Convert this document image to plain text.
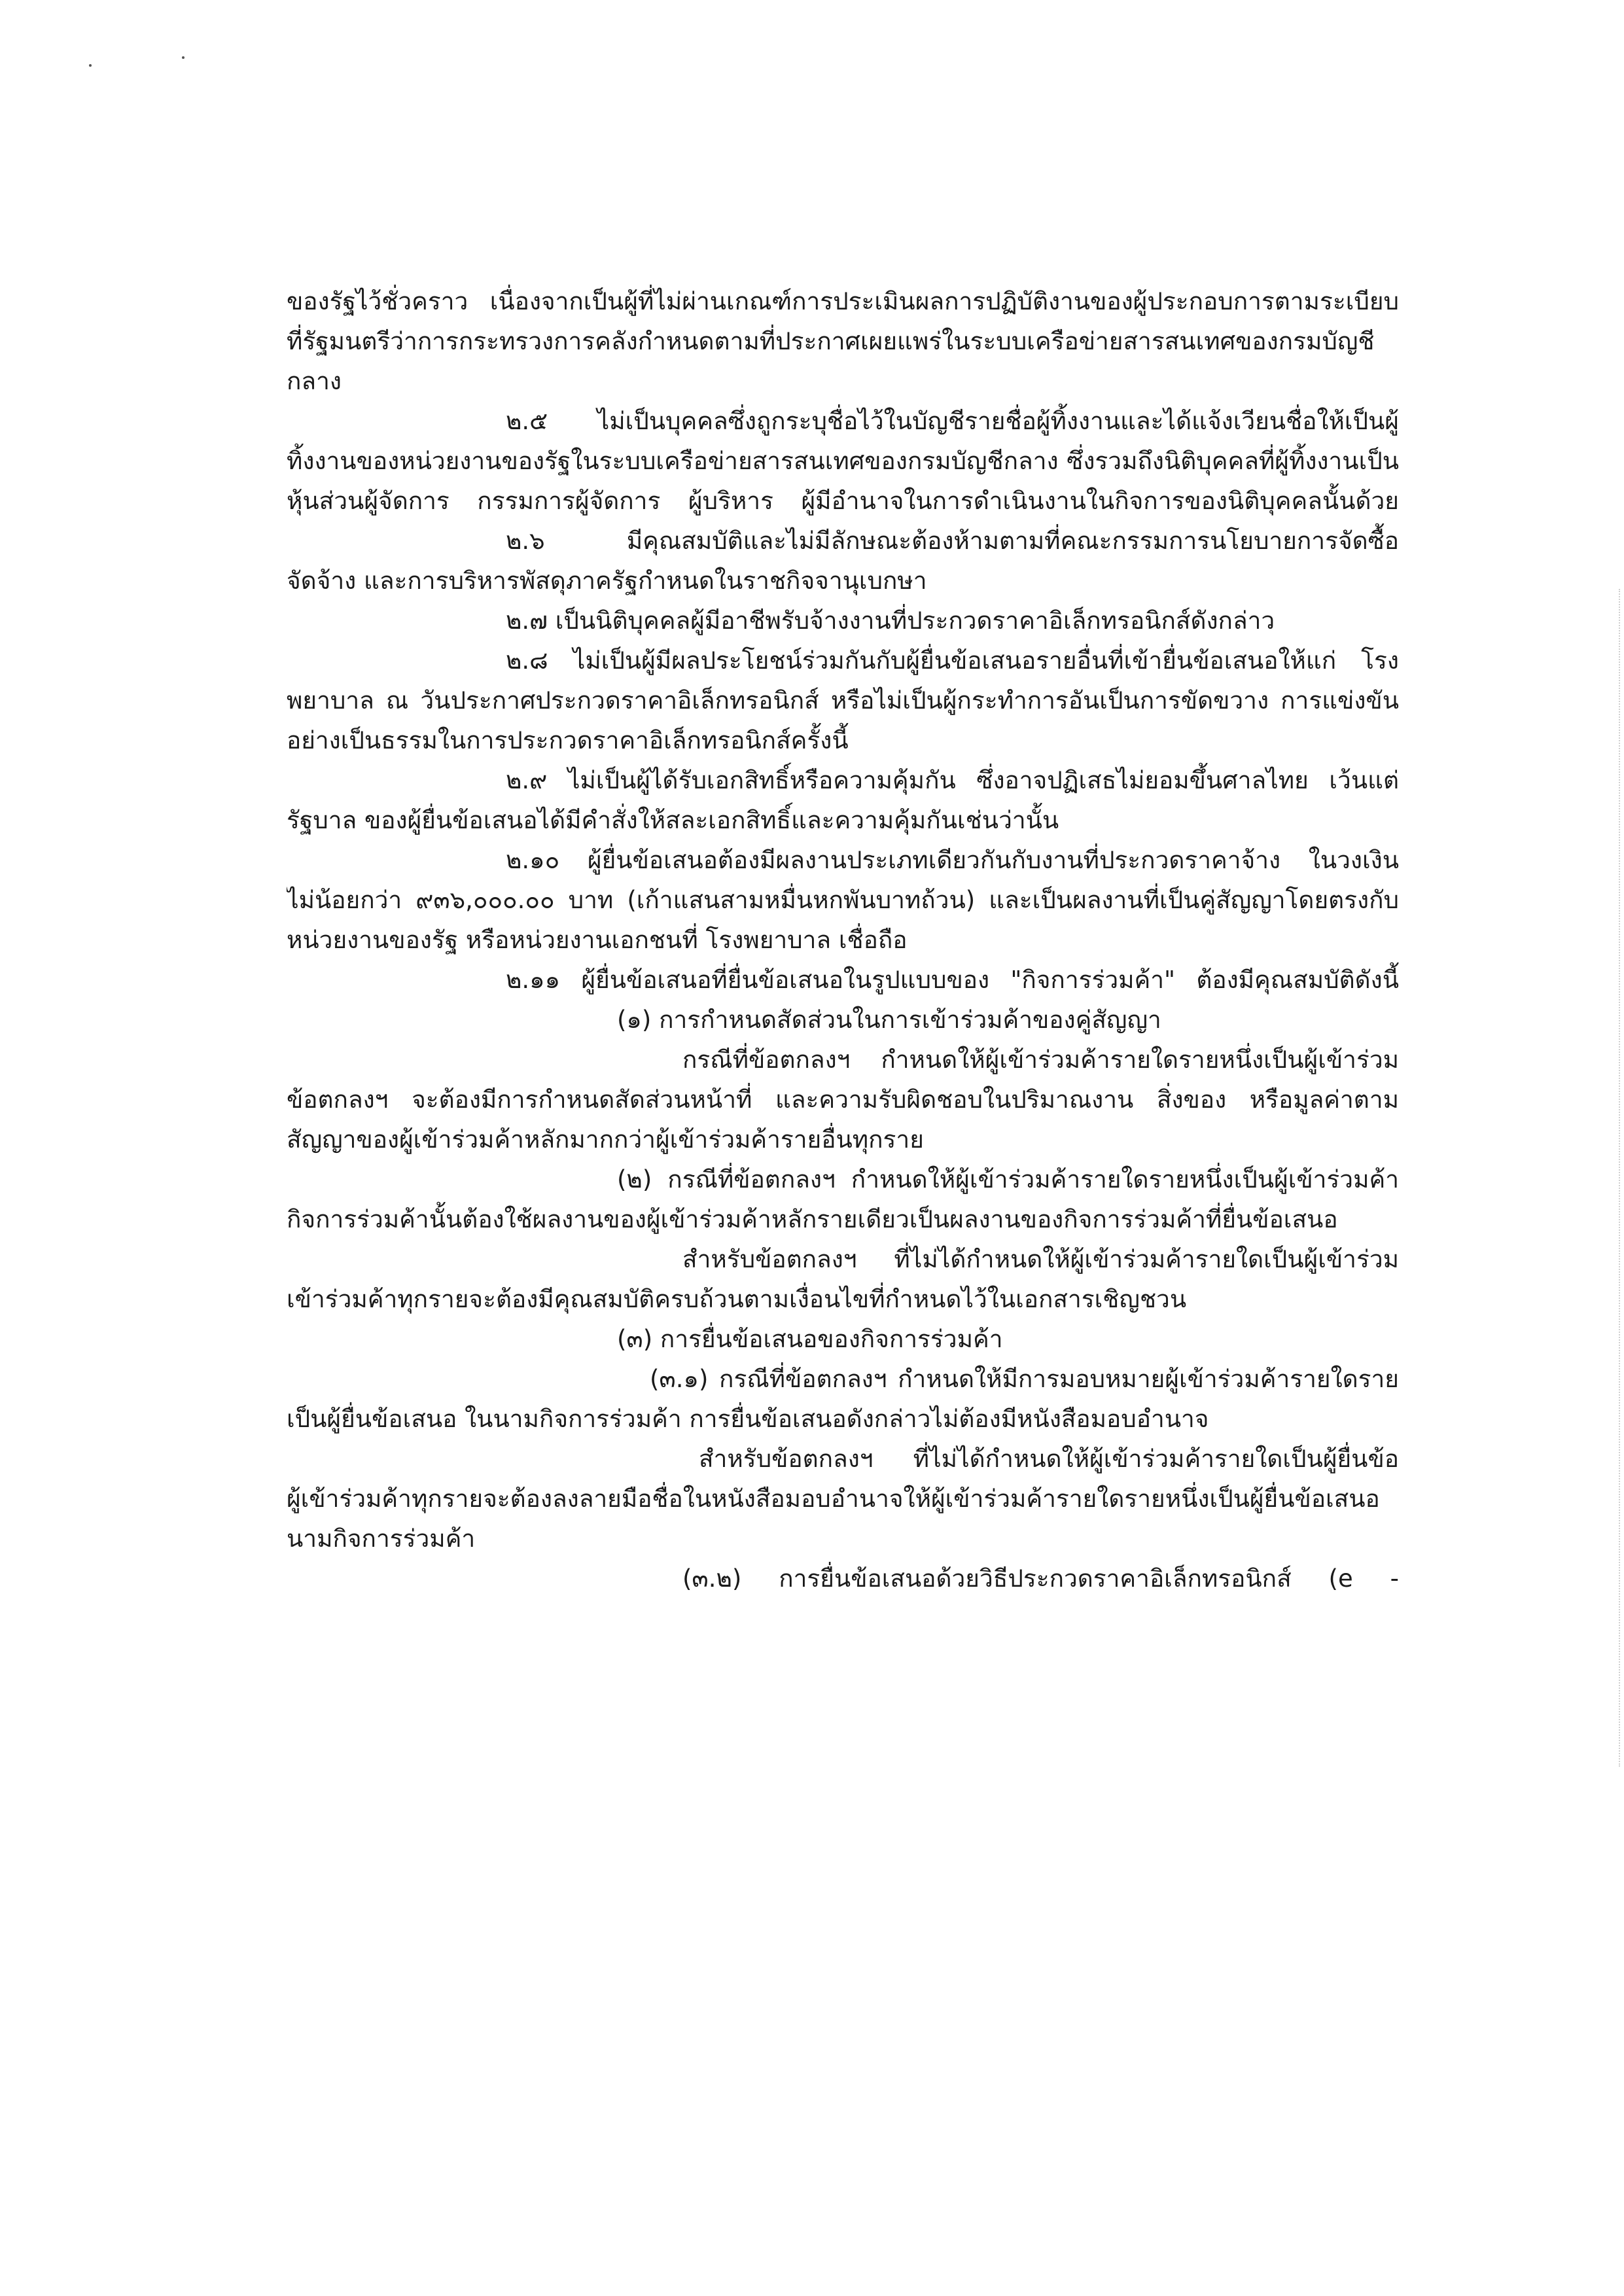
ของรัฐไว้ชั่วคราว เนื่องจากเป็นผู้ที่ไม่ผ่านเกณฑ์การประเมินผลการปฏิบัติงานของผู้ประกอบการตามระเบียบ
ที่รัฐมนตรีว่าการกระทรวงการคลังกำหนดตามที่ประกาศเผยแพร่ในระบบเครือข่ายสารสนเทศของกรมบัญชี
กลาง
๒.๕ ไม่เป็นบุคคลซึ่งถูกระบุชื่อไว้ในบัญชีรายชื่อผู้ทิ้งงานและได้แจ้งเวียนชื่อให้เป็นผู้
ทิ้งงานของหน่วยงานของรัฐในระบบเครือข่ายสารสนเทศของกรมบัญชีกลาง ซึ่งรวมถึงนิติบุคคลที่ผู้ทิ้งงานเป็น
หุ้นส่วนผู้จัดการ กรรมการผู้จัดการ ผู้บริหาร ผู้มีอำนาจในการดำเนินงานในกิจการของนิติบุคคลนั้นด้วย
๒.๖ มีคุณสมบัติและไม่มีลักษณะต้องห้ามตามที่คณะกรรมการนโยบายการจัดซื้อ
จัดจ้าง และการบริหารพัสดุภาครัฐกำหนดในราชกิจจานุเบกษา
๒.๗ เป็นนิติบุคคลผู้มีอาชีพรับจ้างงานที่ประกวดราคาอิเล็กทรอนิกส์ดังกล่าว
๒.๘ ไม่เป็นผู้มีผลประโยชน์ร่วมกันกับผู้ยื่นข้อเสนอรายอื่นที่เข้ายื่นข้อเสนอให้แก่ โรง
พยาบาล ณ วันประกาศประกวดราคาอิเล็กทรอนิกส์ หรือไม่เป็นผู้กระทำการอันเป็นการขัดขวาง การแข่งขัน
อย่างเป็นธรรมในการประกวดราคาอิเล็กทรอนิกส์ครั้งนี้
๒.๙ ไม่เป็นผู้ได้รับเอกสิทธิ์หรือความคุ้มกัน ซึ่งอาจปฏิเสธไม่ยอมขึ้นศาลไทย เว้นแต่
รัฐบาล ของผู้ยื่นข้อเสนอได้มีคำสั่งให้สละเอกสิทธิ์และความคุ้มกันเช่นว่านั้น
๒.๑๐ ผู้ยื่นข้อเสนอต้องมีผลงานประเภทเดียวกันกับงานที่ประกวดราคาจ้าง ในวงเงิน
ไม่น้อยกว่า ๙๓๖,๐๐๐.๐๐ บาท (เก้าแสนสามหมื่นหกพันบาทถ้วน) และเป็นผลงานที่เป็นคู่สัญญาโดยตรงกับ
หน่วยงานของรัฐ หรือหน่วยงานเอกชนที่ โรงพยาบาล เชื่อถือ
๒.๑๑ ผู้ยื่นข้อเสนอที่ยื่นข้อเสนอในรูปแบบของ "กิจการร่วมค้า" ต้องมีคุณสมบัติดังนี้
(๑) การกำหนดสัดส่วนในการเข้าร่วมค้าของคู่สัญญา
กรณีที่ข้อตกลงฯ กำหนดให้ผู้เข้าร่วมค้ารายใดรายหนึ่งเป็นผู้เข้าร่วม
ข้อตกลงฯ จะต้องมีการกำหนดสัดส่วนหน้าที่ และความรับผิดชอบในปริมาณงาน สิ่งของ หรือมูลค่าตาม
สัญญาของผู้เข้าร่วมค้าหลักมากกว่าผู้เข้าร่วมค้ารายอื่นทุกราย
(๒) กรณีที่ข้อตกลงฯ กำหนดให้ผู้เข้าร่วมค้ารายใดรายหนึ่งเป็นผู้เข้าร่วมค้า
กิจการร่วมค้านั้นต้องใช้ผลงานของผู้เข้าร่วมค้าหลักรายเดียวเป็นผลงานของกิจการร่วมค้าที่ยื่นข้อเสนอ
สำหรับข้อตกลงฯ ที่ไม่ได้กำหนดให้ผู้เข้าร่วมค้ารายใดเป็นผู้เข้าร่วม
เข้าร่วมค้าทุกรายจะต้องมีคุณสมบัติครบถ้วนตามเงื่อนไขที่กำหนดไว้ในเอกสารเชิญชวน
(๓) การยื่นข้อเสนอของกิจการร่วมค้า
(๓.๑) กรณีที่ข้อตกลงฯ กำหนดให้มีการมอบหมายผู้เข้าร่วมค้ารายใดราย
เป็นผู้ยื่นข้อเสนอ ในนามกิจการร่วมค้า การยื่นข้อเสนอดังกล่าวไม่ต้องมีหนังสือมอบอำนาจ
สำหรับข้อตกลงฯ ที่ไม่ได้กำหนดให้ผู้เข้าร่วมค้ารายใดเป็นผู้ยื่นข้อ
ผู้เข้าร่วมค้าทุกรายจะต้องลงลายมือชื่อในหนังสือมอบอำนาจให้ผู้เข้าร่วมค้ารายใดรายหนึ่งเป็นผู้ยื่นข้อเสนอ
นามกิจการร่วมค้า
(๓.๒) การยื่นข้อเสนอด้วยวิธีประกวดราคาอิเล็กทรอนิกส์ (e -
